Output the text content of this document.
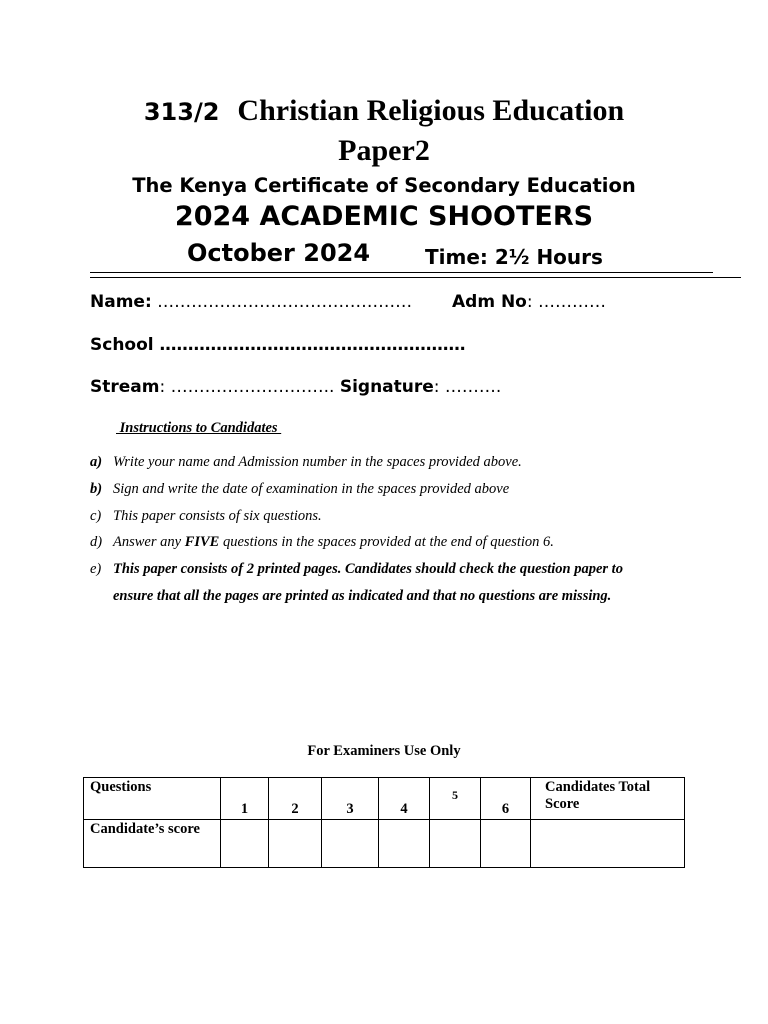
313/2 Christian Religious Education
Paper2
The Kenya Certificate of Secondary Education
2024 ACADEMIC SHOOTERS
October 2024	Time: 2½ Hours
Name: ……………………………………… Adm No: …………
School ………………………………………………
Stream: ……………………….. Signature: ……….
Instructions to Candidates
a) Write your name and Admission number in the spaces provided above.
b) Sign and write the date of examination in the spaces provided above
c) This paper consists of six questions.
d) Answer any FIVE questions in the spaces provided at the end of question 6.
e) This paper consists of 2 printed pages. Candidates should check the question paper to
ensure that all the pages are printed as indicated and that no questions are missing.
For Examiners Use Only
Questions	1	2	3	4	5	6	Candidates Total Score
Candidate’s score							
